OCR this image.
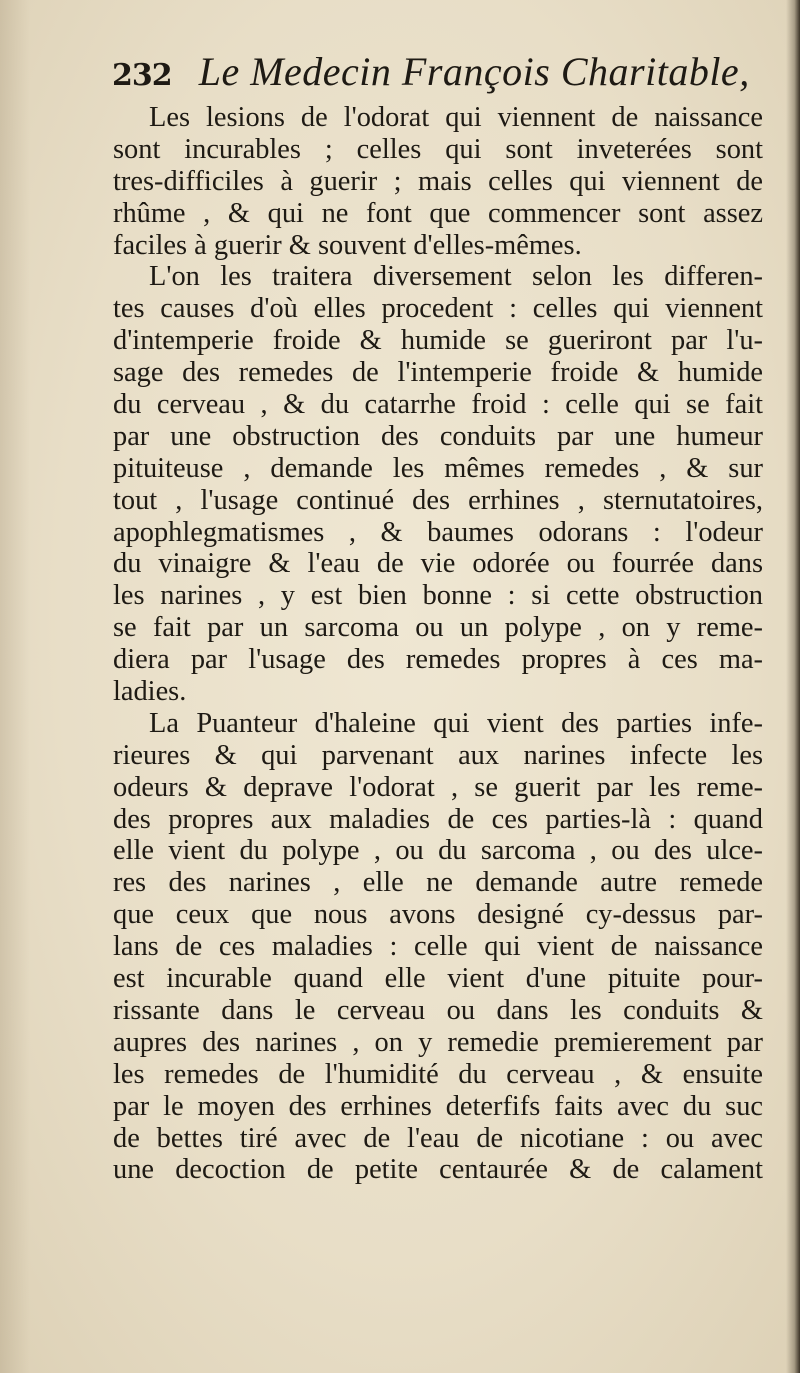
232 Le Medecin François Charitable,
Les lesions de l'odorat qui viennent de naissance
sont incurables ; celles qui sont inveterées sont
tres-difficiles à guerir ; mais celles qui viennent de
rhûme , & qui ne font que commencer sont assez
faciles à guerir & souvent d'elles-mêmes.
L'on les traitera diversement selon les differen-
tes causes d'où elles procedent : celles qui viennent
d'intemperie froide & humide se gueriront par l'u-
sage des remedes de l'intemperie froide & humide
du cerveau , & du catarrhe froid : celle qui se fait
par une obstruction des conduits par une humeur
pituiteuse , demande les mêmes remedes , & sur
tout , l'usage continué des errhines , sternutatoires,
apophlegmatismes , & baumes odorans : l'odeur
du vinaigre & l'eau de vie odorée ou fourrée dans
les narines , y est bien bonne : si cette obstruction
se fait par un sarcoma ou un polype , on y reme-
diera par l'usage des remedes propres à ces ma-
ladies.
La Puanteur d'haleine qui vient des parties infe-
rieures & qui parvenant aux narines infecte les
odeurs & deprave l'odorat , se guerit par les reme-
des propres aux maladies de ces parties-là : quand
elle vient du polype , ou du sarcoma , ou des ulce-
res des narines , elle ne demande autre remede
que ceux que nous avons designé cy-dessus par-
lans de ces maladies : celle qui vient de naissance
est incurable quand elle vient d'une pituite pour-
rissante dans le cerveau ou dans les conduits &
aupres des narines , on y remedie premierement par
les remedes de l'humidité du cerveau , & ensuite
par le moyen des errhines deterfifs faits avec du suc
de bettes tiré avec de l'eau de nicotiane : ou avec
une decoction de petite centaurée & de calament
